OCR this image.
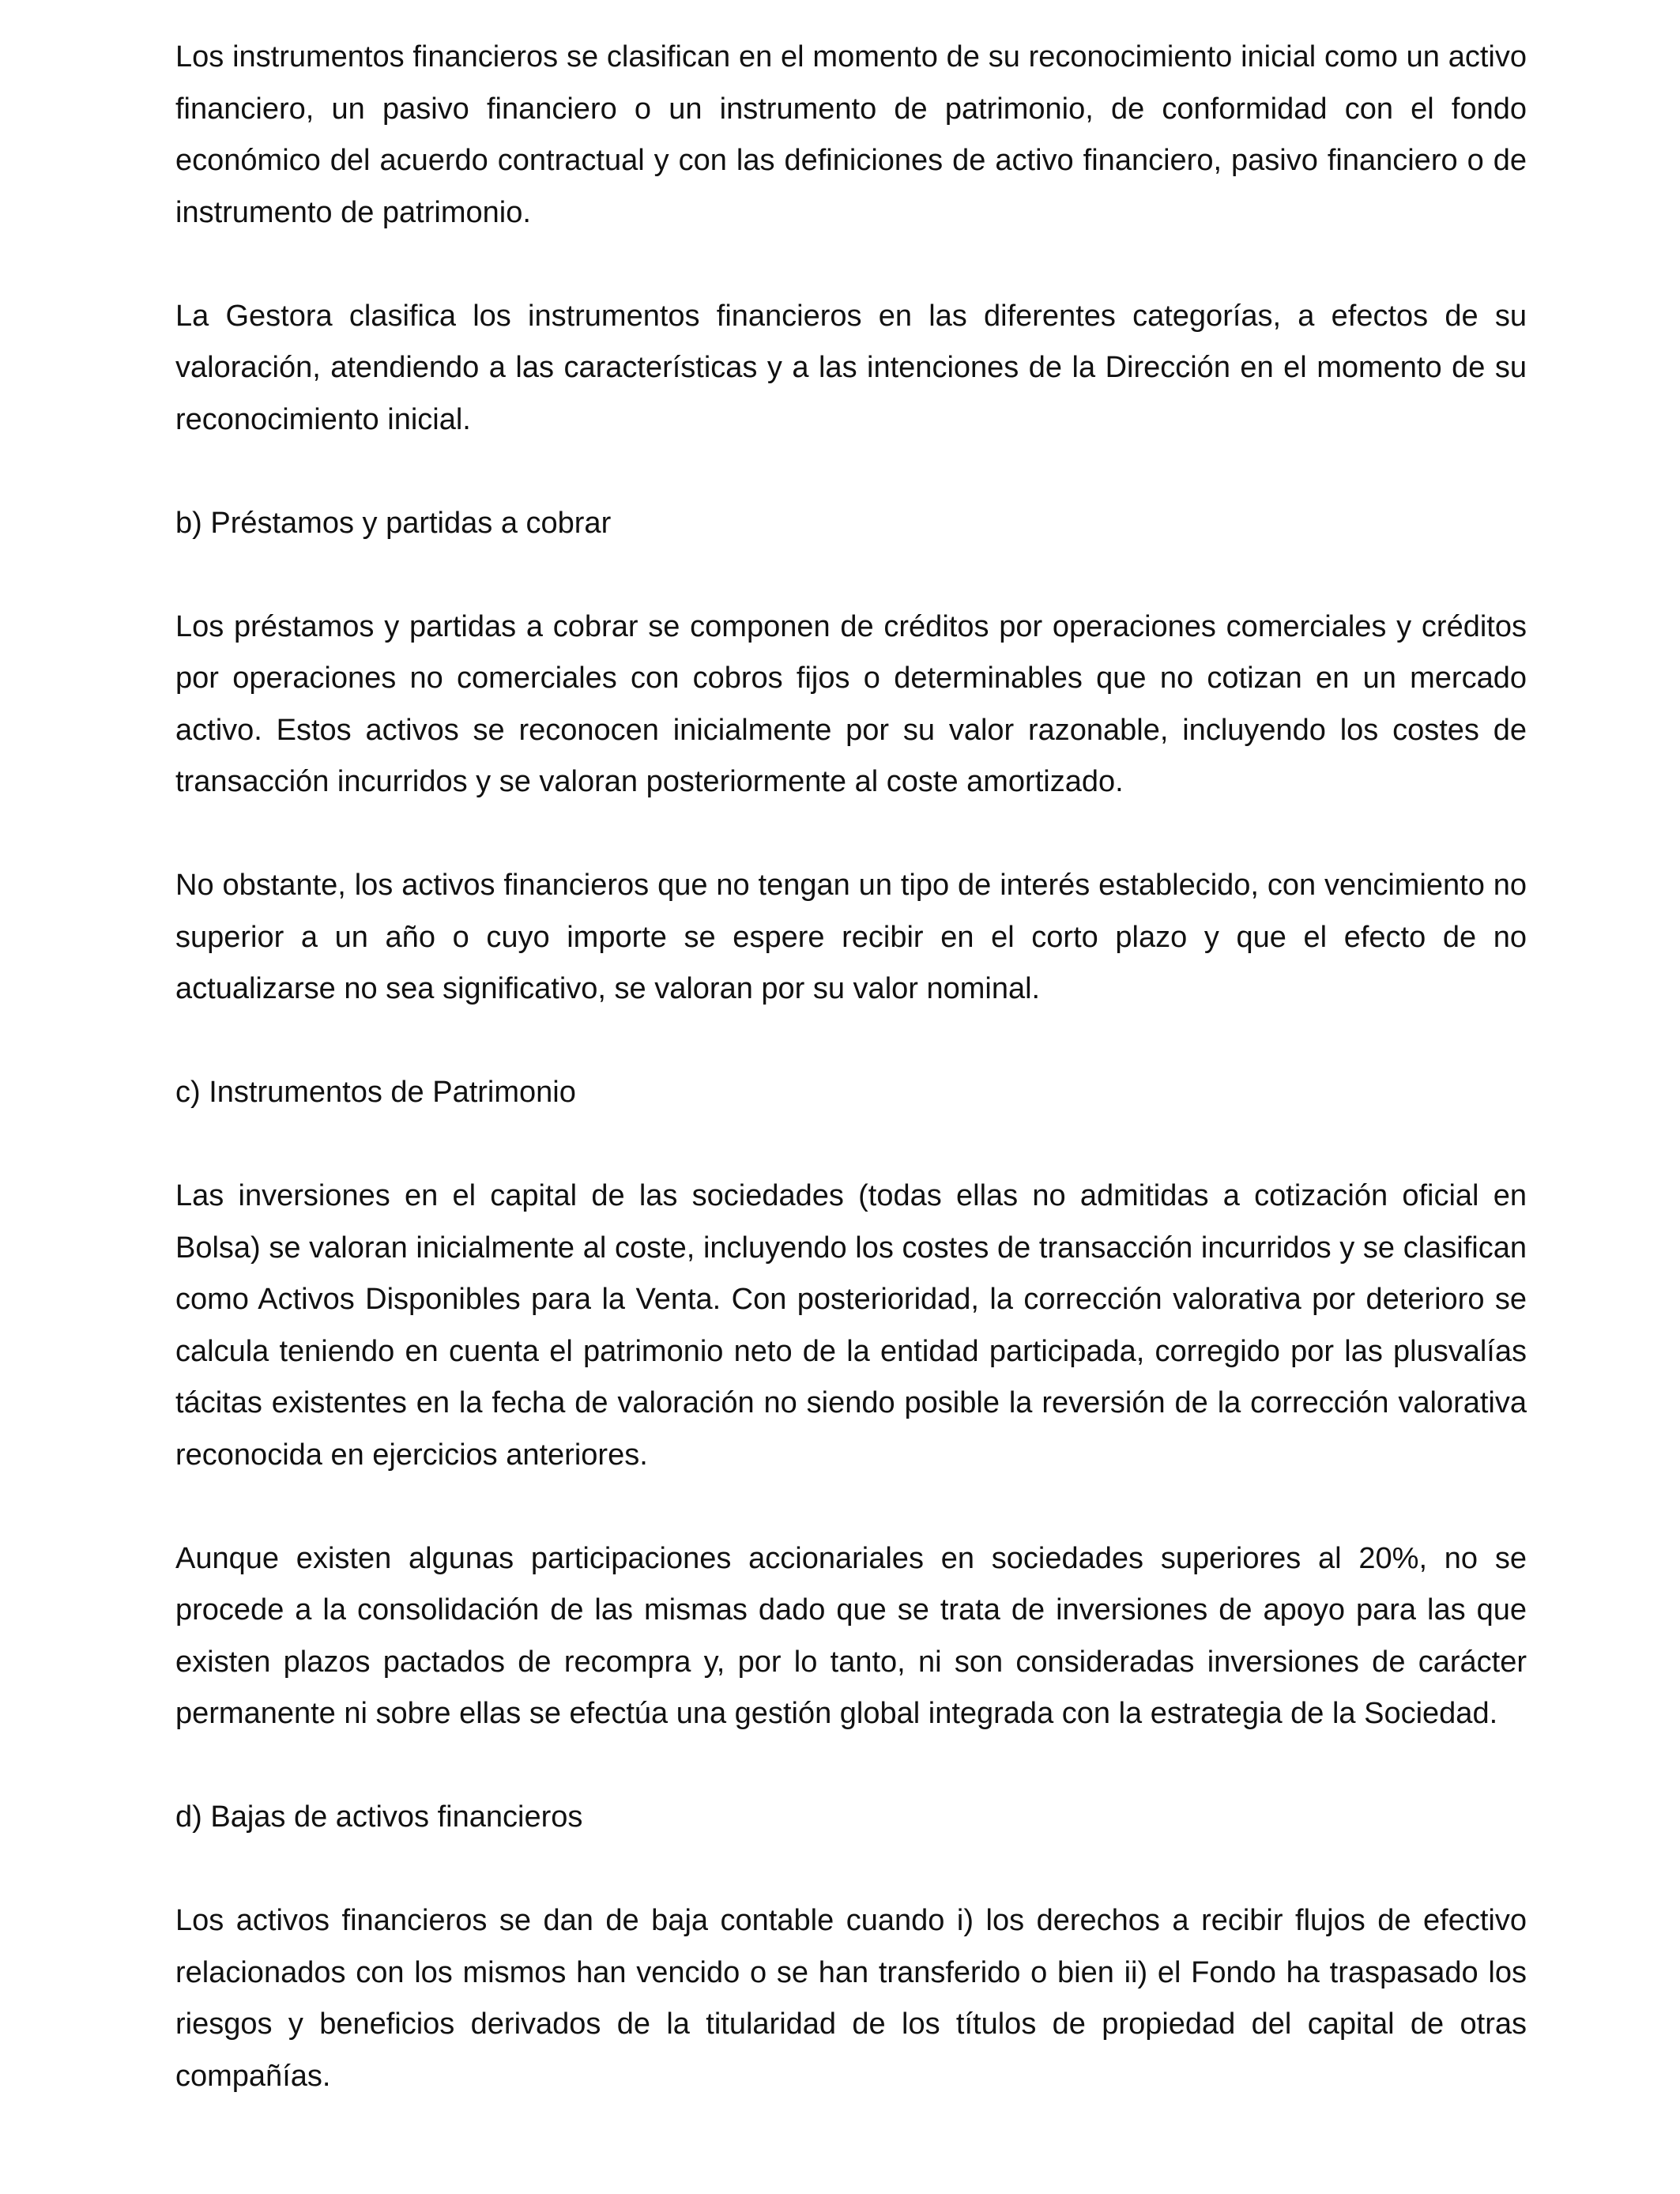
Los instrumentos financieros se clasifican en el momento de su reconocimiento inicial como un activo financiero, un pasivo financiero o un instrumento de patrimonio, de conformidad con el fondo económico del acuerdo contractual y con las definiciones de activo financiero, pasivo financiero o de instrumento de patrimonio.

La Gestora clasifica los instrumentos financieros en las diferentes categorías, a efectos de su valoración, atendiendo a las características y a las intenciones de la Dirección en el momento de su reconocimiento inicial.

b) Préstamos y partidas a cobrar

Los préstamos y partidas a cobrar se componen de créditos por operaciones comerciales y créditos por operaciones no comerciales con cobros fijos o determinables que no cotizan en un mercado activo. Estos activos se reconocen inicialmente por su valor razonable, incluyendo los costes de transacción incurridos y se valoran posteriormente al coste amortizado.

No obstante, los activos financieros que no tengan un tipo de interés establecido, con vencimiento no superior a un año o cuyo importe se espere recibir en el corto plazo y que el efecto de no actualizarse no sea significativo, se valoran por su valor nominal.

c) Instrumentos de Patrimonio

Las inversiones en el capital de las sociedades (todas ellas no admitidas a cotización oficial en Bolsa) se valoran inicialmente al coste, incluyendo los costes de transacción incurridos y se clasifican como Activos Disponibles para la Venta. Con posterioridad, la corrección valorativa por deterioro se calcula teniendo en cuenta el patrimonio neto de la entidad participada, corregido por las plusvalías tácitas existentes en la fecha de valoración no siendo posible la reversión de la corrección valorativa reconocida en ejercicios anteriores.

Aunque existen algunas participaciones accionariales en sociedades superiores al 20%, no se procede a la consolidación de las mismas dado que se trata de inversiones de apoyo para las que existen plazos pactados de recompra y, por lo tanto, ni son consideradas inversiones de carácter permanente ni sobre ellas se efectúa una gestión global integrada con la estrategia de la Sociedad.

d) Bajas de activos financieros

Los activos financieros se dan de baja contable cuando i) los derechos a recibir flujos de efectivo relacionados con los mismos han vencido o se han transferido o bien ii) el Fondo ha traspasado los riesgos y beneficios derivados de la titularidad de los títulos de propiedad del capital de otras compañías.
